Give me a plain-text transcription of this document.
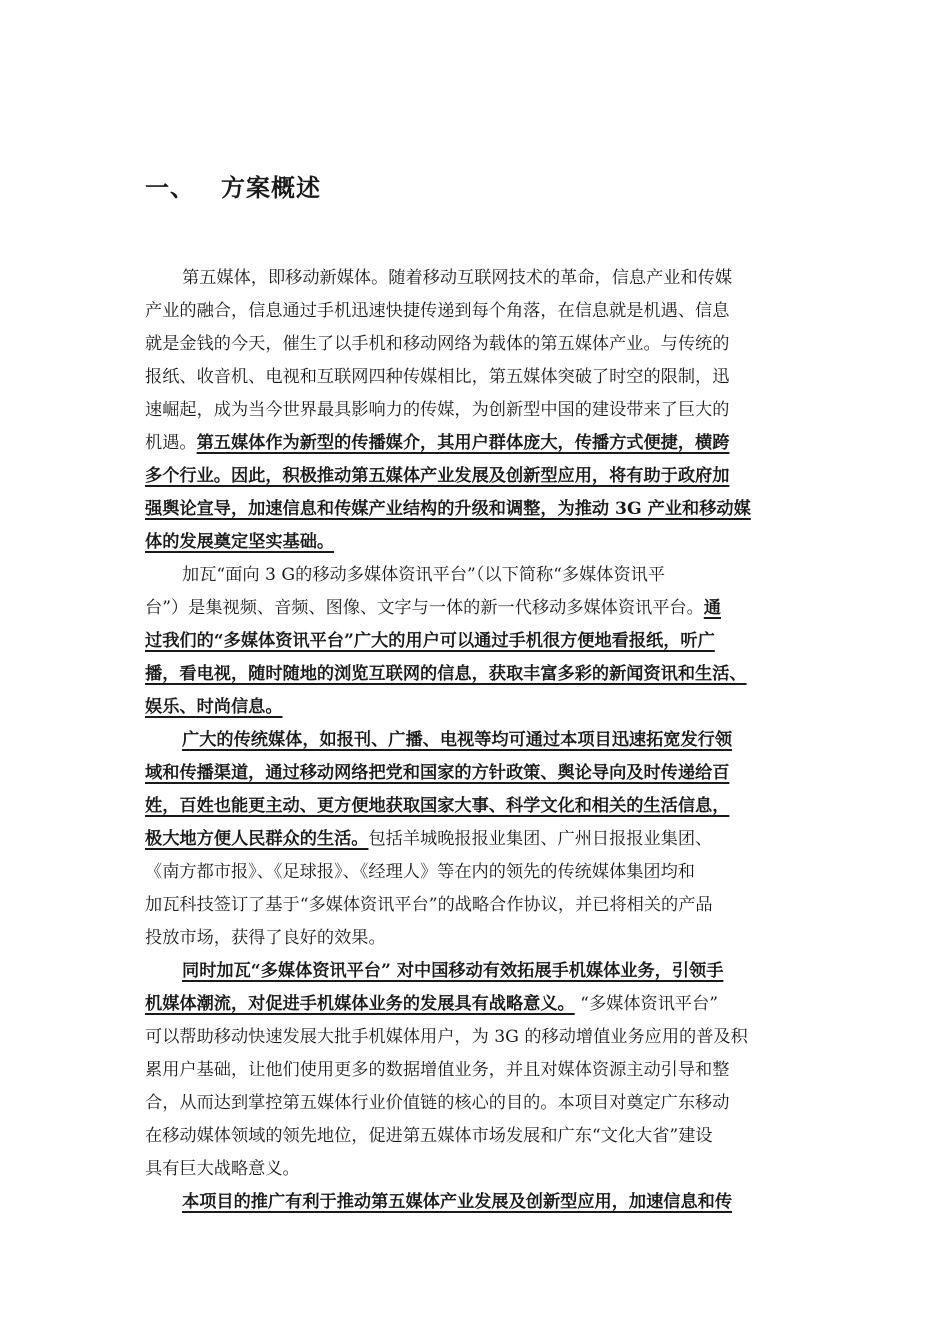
一、 方案概述
第五媒体，即移动新媒体。随着移动互联网技术的革命，信息产业和传媒
产业的融合，信息通过手机迅速快捷传递到每个角落，在信息就是机遇、信息
就是金钱的今天，催生了以手机和移动网络为载体的第五媒体产业。与传统的
报纸、收音机、电视和互联网四种传媒相比，第五媒体突破了时空的限制，迅
速崛起，成为当今世界最具影响力的传媒，为创新型中国的建设带来了巨大的
机遇。第五媒体作为新型的传播媒介，其用户群体庞大，传播方式便捷，横跨
多个行业。因此，积极推动第五媒体产业发展及创新型应用，将有助于政府加
强舆论宣导，加速信息和传媒产业结构的升级和调整，为推动 3G 产业和移动媒
体的发展奠定坚实基础。
加瓦“面向 3 G的移动多媒体资讯平台”（以下简称“多媒体资讯平
台”）是集视频、音频、图像、文字与一体的新一代移动多媒体资讯平台。通
过我们的“多媒体资讯平台”广大的用户可以通过手机很方便地看报纸，听广
播，看电视，随时随地的浏览互联网的信息，获取丰富多彩的新闻资讯和生活、
娱乐、时尚信息。
广大的传统媒体，如报刊、广播、电视等均可通过本项目迅速拓宽发行领
域和传播渠道，通过移动网络把党和国家的方针政策、舆论导向及时传递给百
姓，百姓也能更主动、更方便地获取国家大事、科学文化和相关的生活信息，
极大地方便人民群众的生活。包括羊城晚报报业集团、广州日报报业集团、
《南方都市报》、《足球报》、《经理人》等在内的领先的传统媒体集团均和
加瓦科技签订了基于“多媒体资讯平台”的战略合作协议，并已将相关的产品
投放市场，获得了良好的效果。
同时加瓦“多媒体资讯平台” 对中国移动有效拓展手机媒体业务，引领手
机媒体潮流，对促进手机媒体业务的发展具有战略意义。 “多媒体资讯平台”
可以帮助移动快速发展大批手机媒体用户，为 3G 的移动增值业务应用的普及积
累用户基础，让他们使用更多的数据增值业务，并且对媒体资源主动引导和整
合，从而达到掌控第五媒体行业价值链的核心的目的。本项目对奠定广东移动
在移动媒体领域的领先地位，促进第五媒体市场发展和广东“文化大省”建设
具有巨大战略意义。
本项目的推广有利于推动第五媒体产业发展及创新型应用，加速信息和传
